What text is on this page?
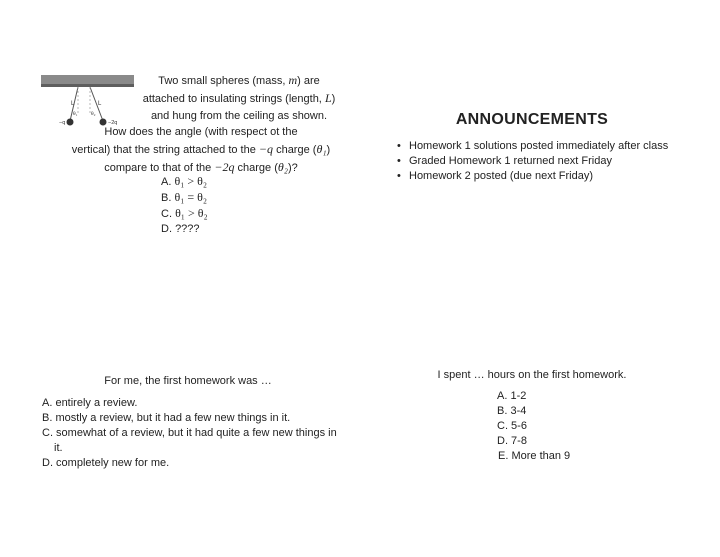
L	L
θ₁ θ₂
−q	−2q
Two small spheres (mass, m) are
attached to insulating strings (length, L)
and hung from the ceiling as shown.
How does the angle (with respect ot the
vertical) that the string attached to the −q charge (θ₁)
compare to that of the −2q charge (θ₂)?
A. θ₁ > θ₂
B. θ₁ = θ₂
C. θ₁ > θ₂
D. ????
ANNOUNCEMENTS
• Homework 1 solutions posted immediately after class
• Graded Homework 1 returned next Friday
• Homework 2 posted (due next Friday)
For me, the first homework was …
A. entirely a review.
B. mostly a review, but it had a few new things in it.
C. somewhat of a review, but it had quite a few new things in
it.
D. completely new for me.
I spent … hours on the first homework.
A. 1-2
B. 3-4
C. 5-6
D. 7-8
E. More than 9
